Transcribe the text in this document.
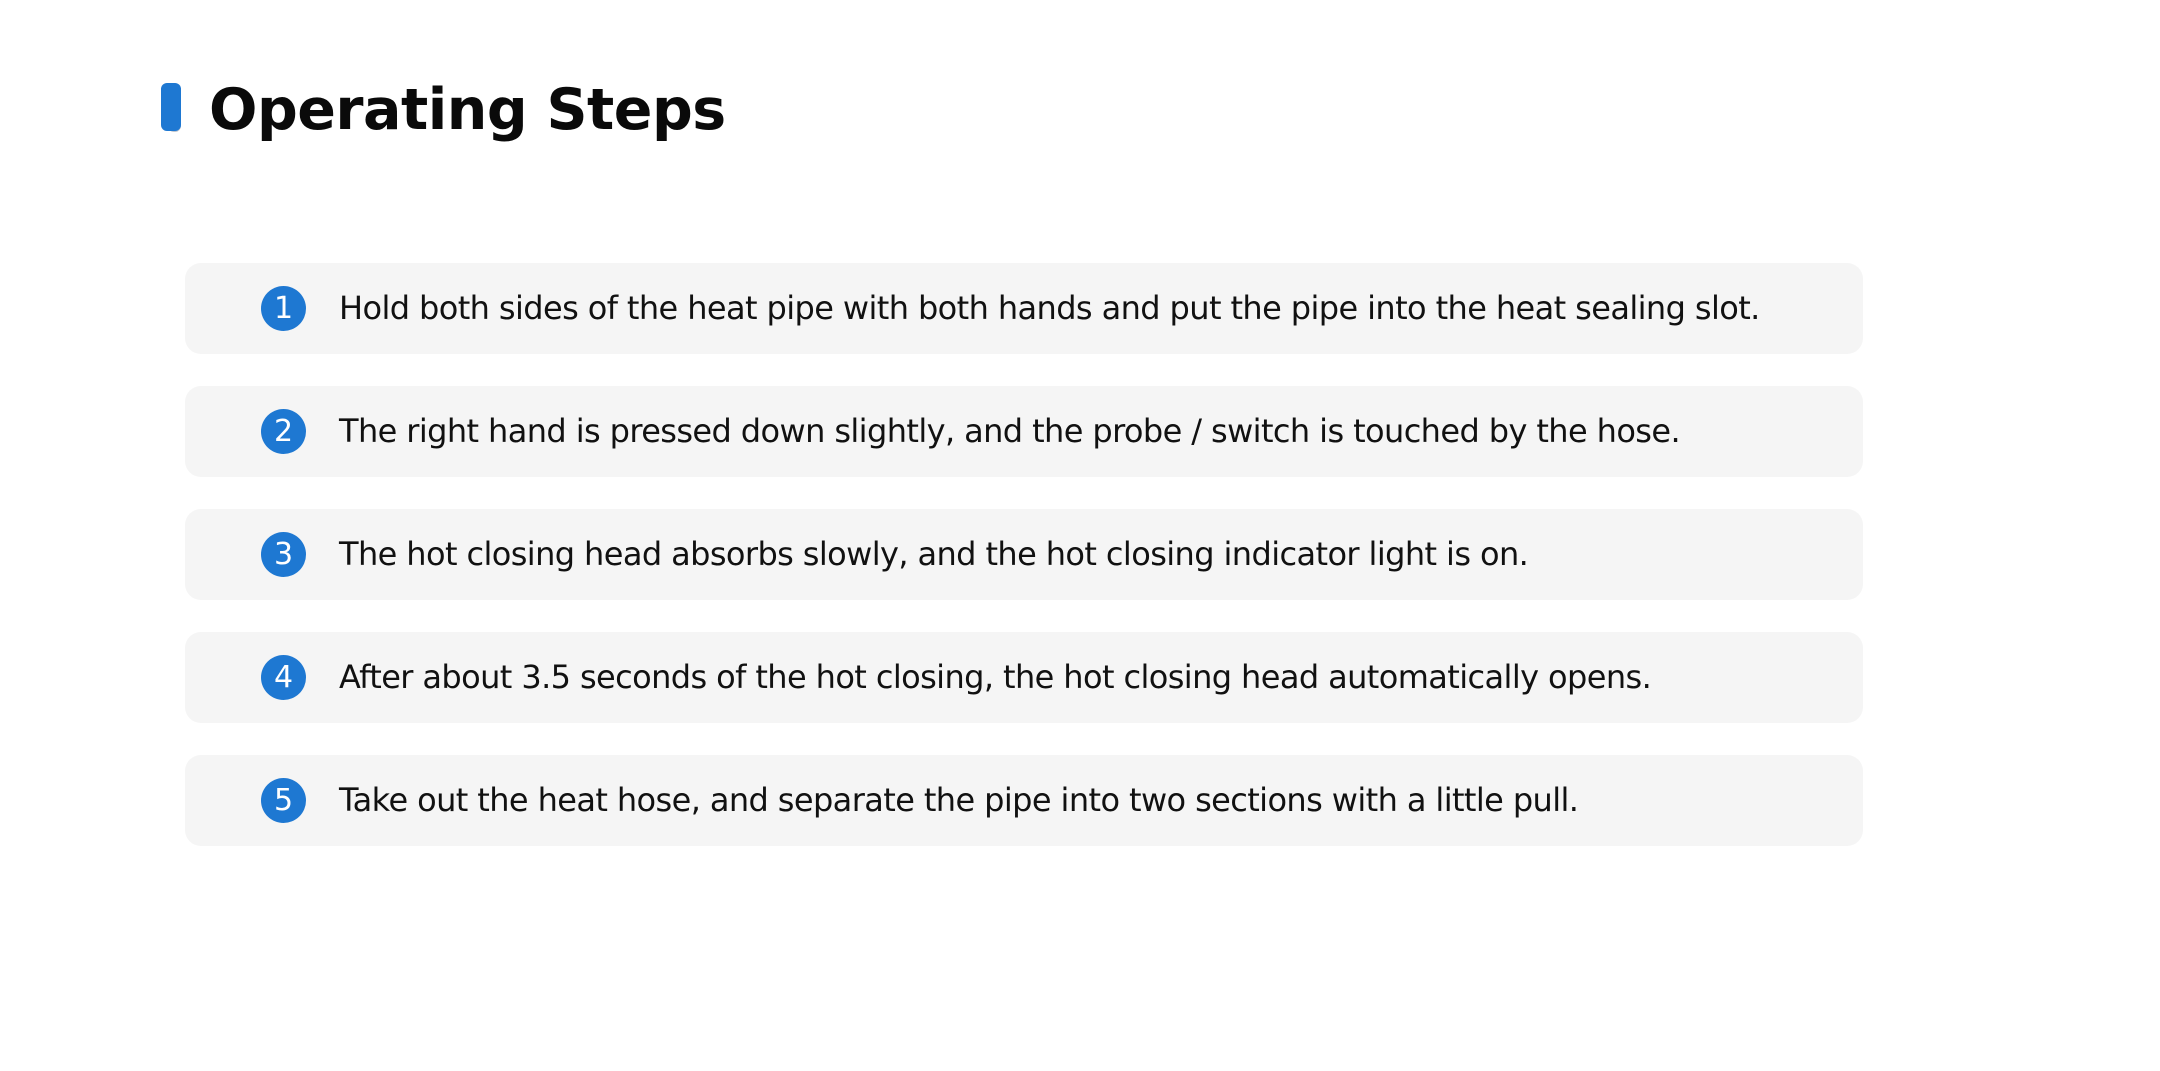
Operating Steps
1	Hold both sides of the heat pipe with both hands and put the pipe into the heat sealing slot.
2	The right hand is pressed down slightly, and the probe / switch is touched by the hose.
3	The hot closing head absorbs slowly, and the hot closing indicator light is on.
4	After about 3.5 seconds of the hot closing, the hot closing head automatically opens.
5	Take out the heat hose, and separate the pipe into two sections with a little pull.
